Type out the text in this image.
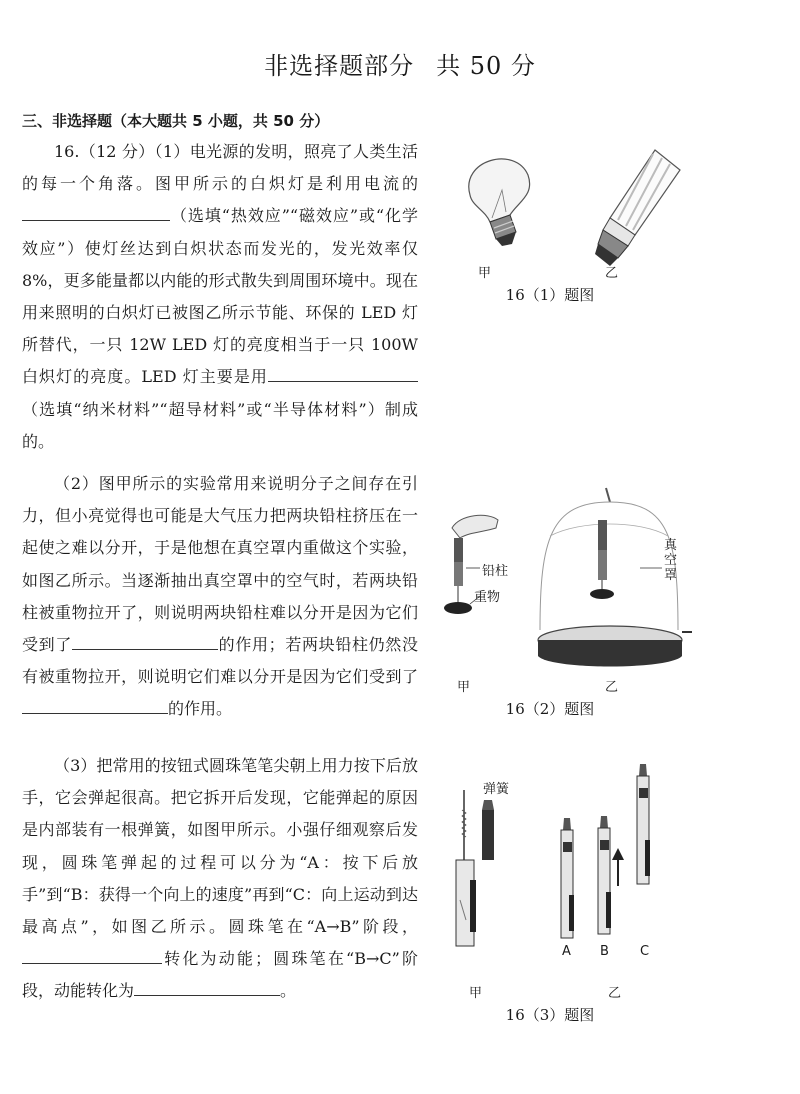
非选择题部分 共 50 分
三、非选择题（本大题共 5 小题，共 50 分）

16.（12 分）（1）电光源的发明，照亮了人类生活的每一个角落。图甲所示的白炽灯是利用电流的（选填“热效应”“磁效应”或“化学效应”）使灯丝达到白炽状态而发光的，发光效率仅 8%，更多能量都以内能的形式散失到周围环境中。现在用来照明的白炽灯已被图乙所示节能、环保的 LED 灯所替代，一只 12W LED 灯的亮度相当于一只 100W 白炽灯的亮度。LED 灯主要是用（选填“纳米材料”“超导材料”或“半导体材料”）制成的。

（2）图甲所示的实验常用来说明分子之间存在引力，但小亮觉得也可能是大气压力把两块铅柱挤压在一起使之难以分开，于是他想在真空罩内重做这个实验，如图乙所示。当逐渐抽出真空罩中的空气时，若两块铅柱被重物拉开了，则说明两块铅柱难以分开是因为它们受到了	的作用；若两块铅柱仍然没有被重物拉开，则说明它们难以分开是因为它们受到了的作用。

（3）把常用的按钮式圆珠笔笔尖朝上用力按下后放手，它会弹起很高。把它拆开后发现，它能弹起的原因是内部装有一根弹簧，如图甲所示。小强仔细观察后发现，圆珠笔弹起的过程可以分为“A：按下后放手”到“B：获得一个向上的速度”再到“C：向上运动到达最高点”，如图乙所示。圆珠笔在“A→B”阶段，转化为动能；圆珠笔在“B→C”阶段，动能转化为	。

甲	乙
16（1）题图
铅柱
重物
真空罩
甲	乙
16（2）题图
弹簧
A B C
甲	乙
16（3）题图
